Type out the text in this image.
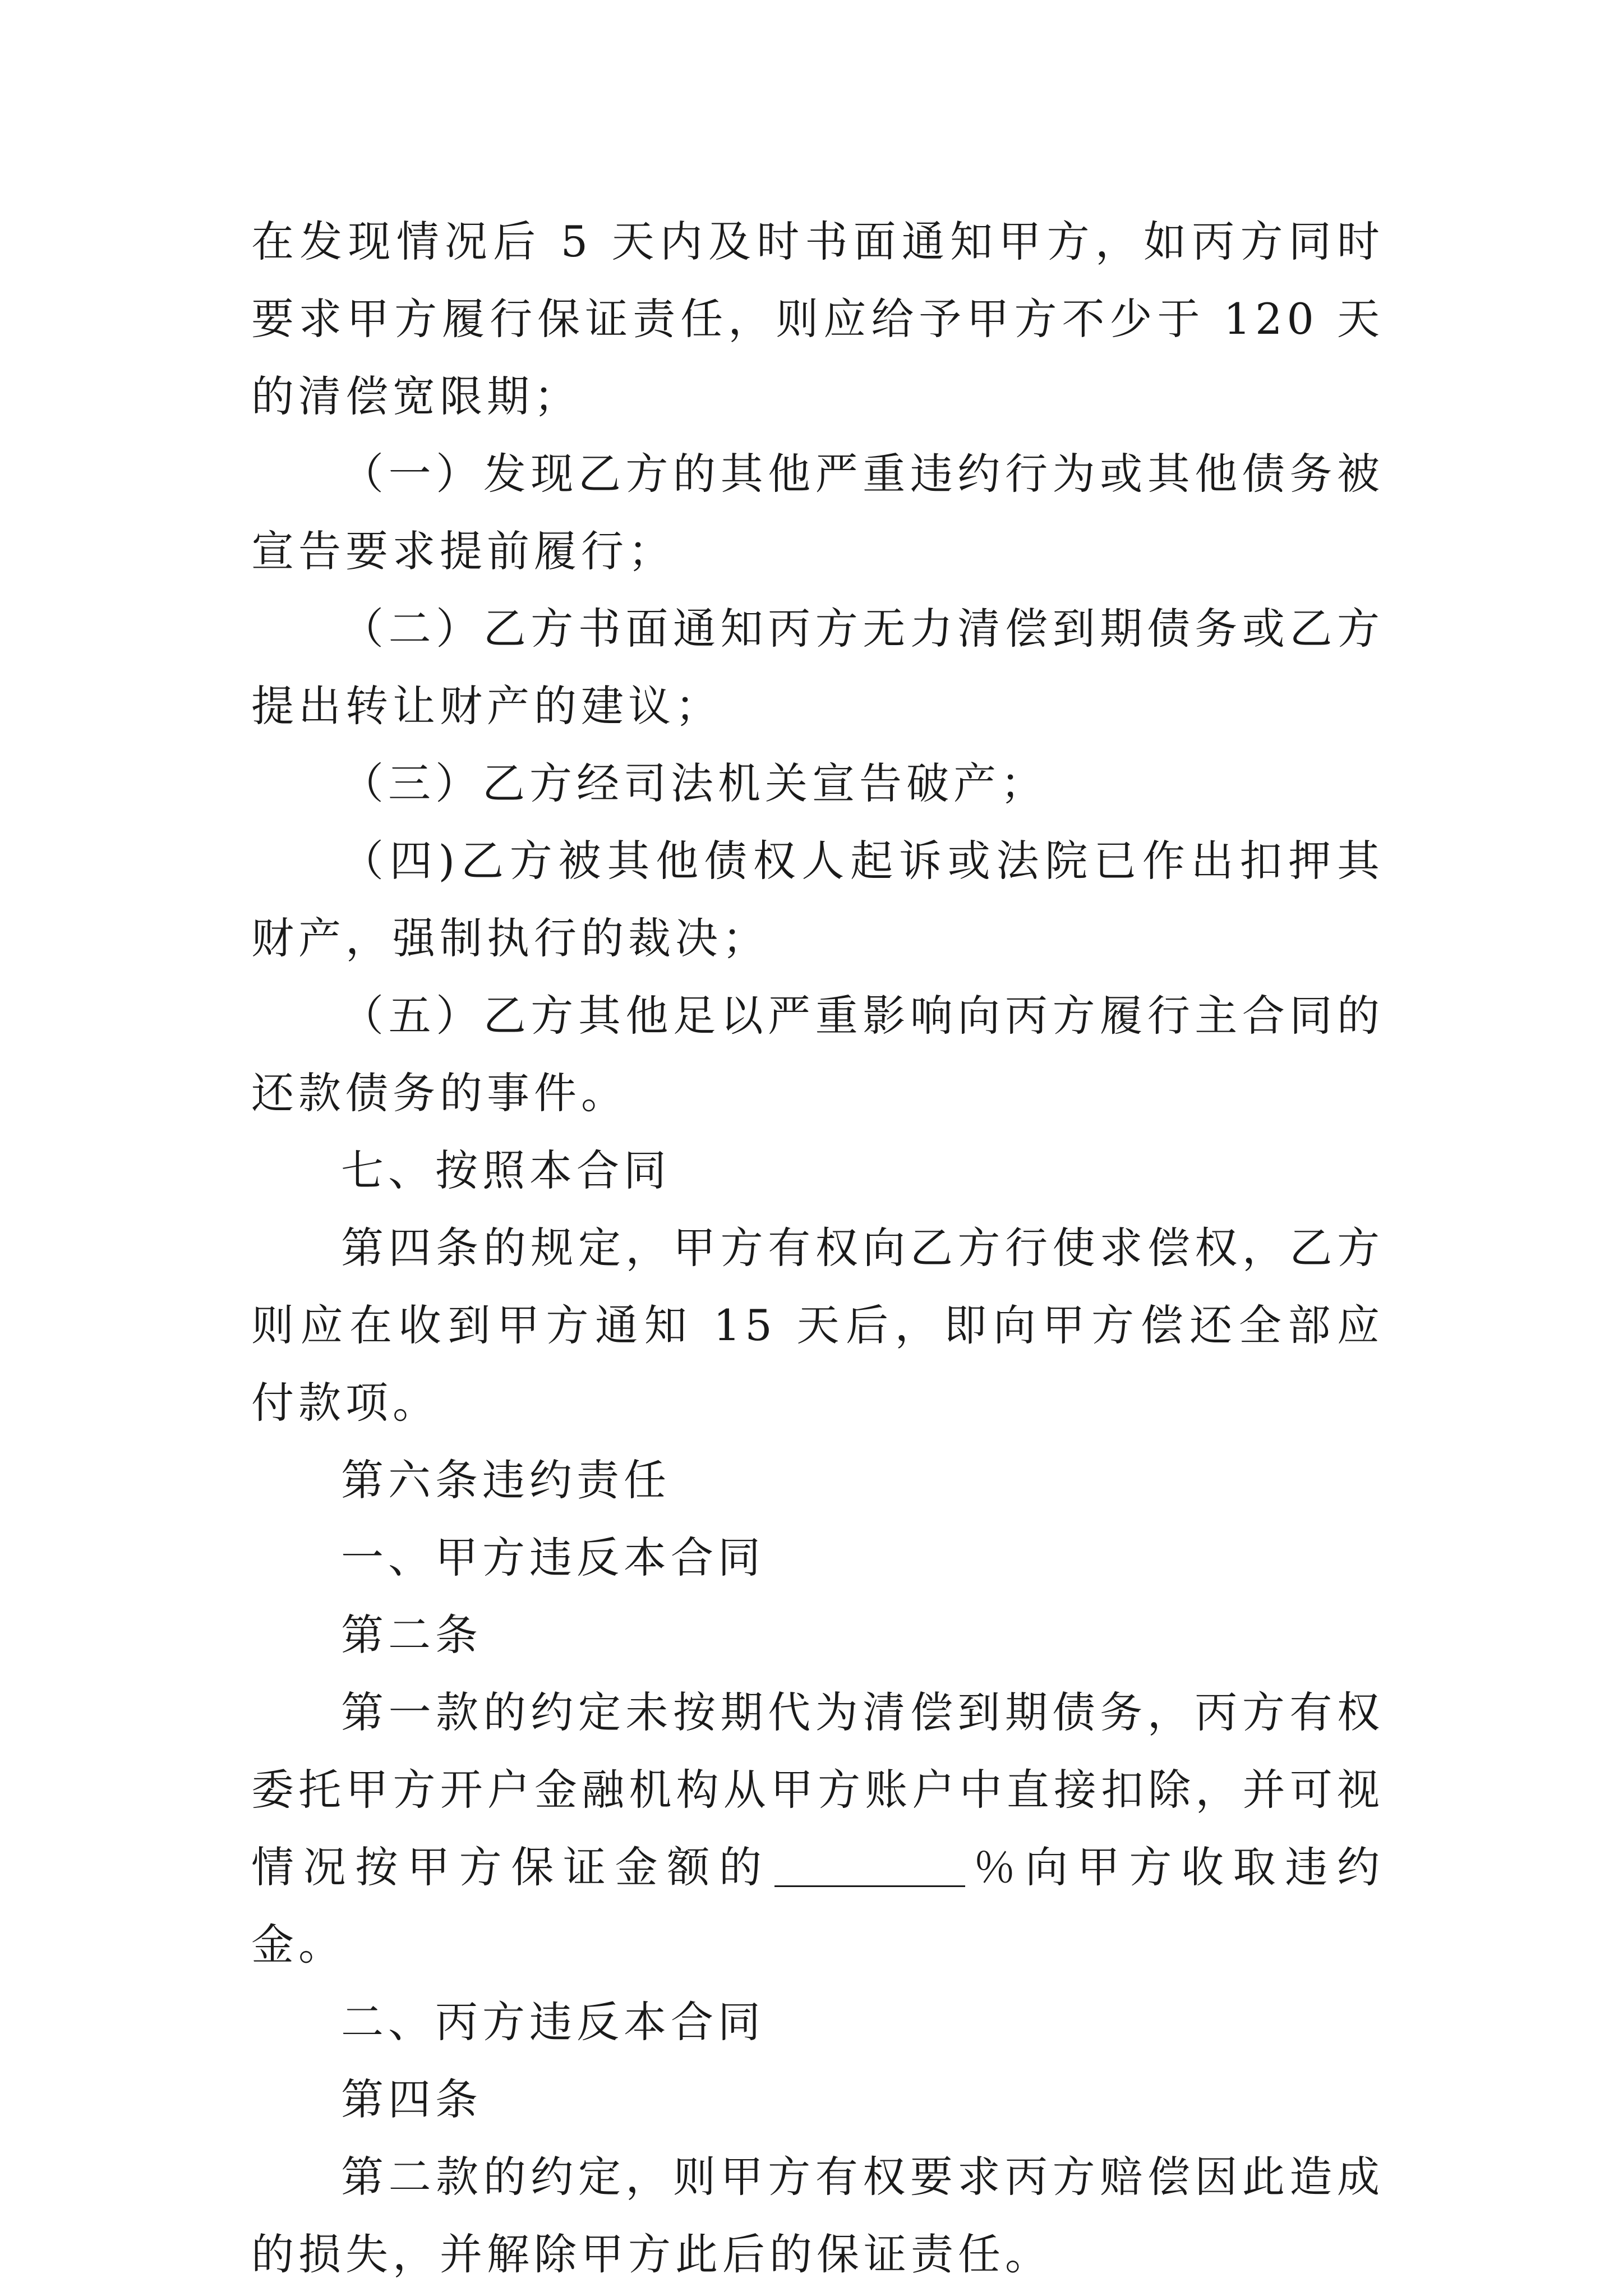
在发现情况后 5 天内及时书面通知甲方，如丙方同时要求甲方履行保证责任，则应给予甲方不少于 120 天的清偿宽限期；

（一）发现乙方的其他严重违约行为或其他债务被宣告要求提前履行；

（二）乙方书面通知丙方无力清偿到期债务或乙方提出转让财产的建议；

（三）乙方经司法机关宣告破产；

（四)乙方被其他债权人起诉或法院已作出扣押其财产，强制执行的裁决；

（五）乙方其他足以严重影响向丙方履行主合同的还款债务的事件。

七、按照本合同

第四条的规定，甲方有权向乙方行使求偿权，乙方则应在收到甲方通知 15 天后，即向甲方偿还全部应付款项。

第六条违约责任

一、甲方违反本合同

第二条

第一款的约定未按期代为清偿到期债务，丙方有权委托甲方开户金融机构从甲方账户中直接扣除，并可视情况按甲方保证金额的	％向甲方收取违约金。

二、丙方违反本合同

第四条

第二款的约定，则甲方有权要求丙方赔偿因此造成的损失，并解除甲方此后的保证责任。
